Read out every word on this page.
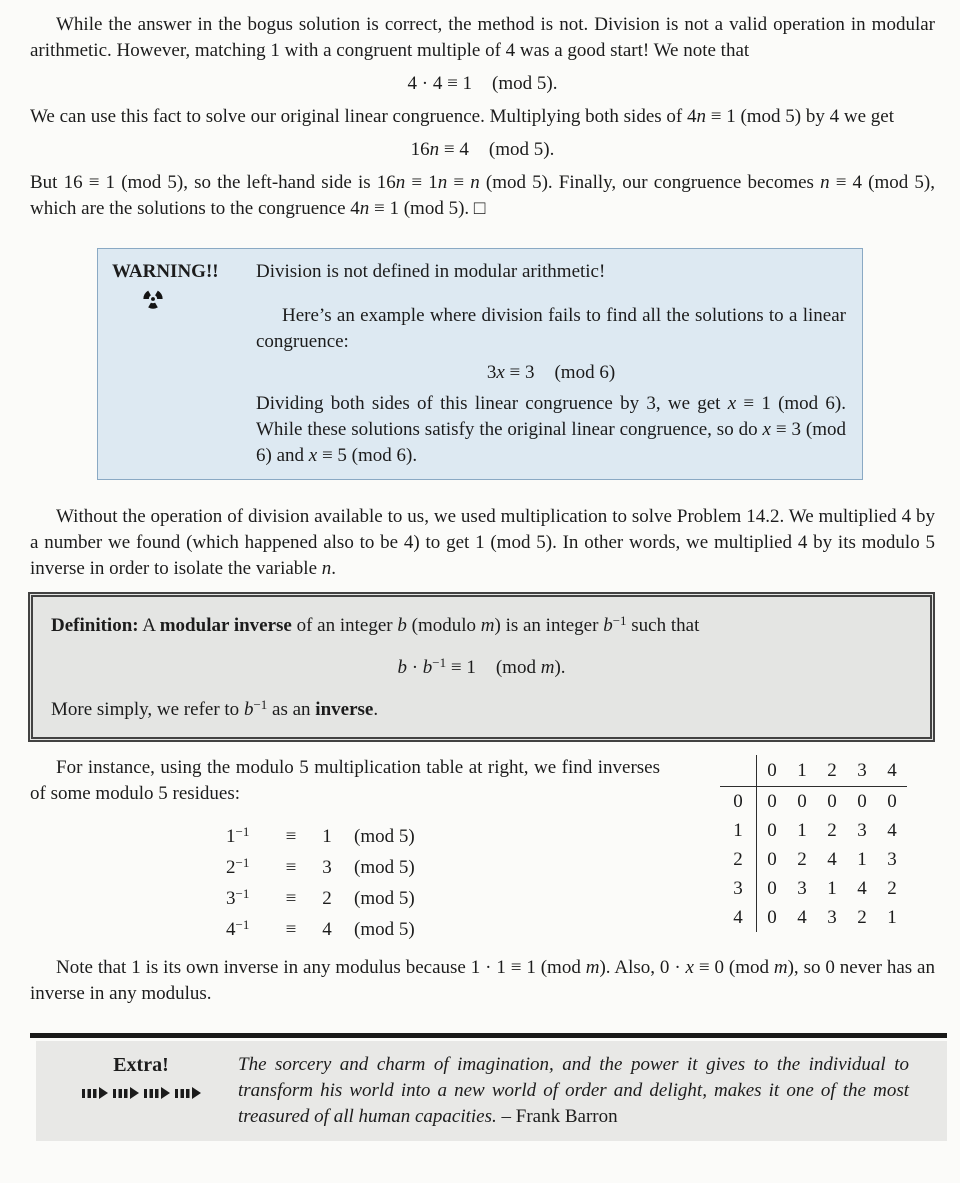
While the answer in the bogus solution is correct, the method is not. Division is not a valid operation in modular arithmetic. However, matching 1 with a congruent multiple of 4 was a good start! We note that

4 · 4 ≡ 1 (mod 5).

We can use this fact to solve our original linear congruence. Multiplying both sides of 4n ≡ 1 (mod 5) by 4 we get

16n ≡ 4 (mod 5).

But 16 ≡ 1 (mod 5), so the left-hand side is 16n ≡ 1n ≡ n (mod 5). Finally, our congruence becomes n ≡ 4 (mod 5), which are the solutions to the congruence 4n ≡ 1 (mod 5). □

WARNING!!	Division is not defined in modular arithmetic!

Here’s an example where division fails to find all the solutions to a linear congruence:

3x ≡ 3 (mod 6)

Dividing both sides of this linear congruence by 3, we get x ≡ 1 (mod 6). While these solutions satisfy the original linear congruence, so do x ≡ 3 (mod 6) and x ≡ 5 (mod 6).

Without the operation of division available to us, we used multiplication to solve Problem 14.2. We multiplied 4 by a number we found (which happened also to be 4) to get 1 (mod 5). In other words, we multiplied 4 by its modulo 5 inverse in order to isolate the variable n.

Definition: A modular inverse of an integer b (modulo m) is an integer $b^{-1}$ such that

$b \cdot b^{-1} \equiv 1$ (mod m).

More simply, we refer to $b^{-1}$ as an inverse.

For instance, using the modulo 5 multiplication table at right, we find inverses of some modulo 5 residues:

$1^{-1}$	≡ 1 (mod 5)
$2^{-1}$	≡ 3 (mod 5)
$3^{-1}$	≡ 2 (mod 5)
$4^{-1}$	≡ 4 (mod 5)
	0	1	2	3	4
0	0	0	0	0	0
1	0	1	2	3	4
2	0	2	4	1	3
3	0	3	1	4	2
4	0	4	3	2	1

Note that 1 is its own inverse in any modulus because 1 · 1 ≡ 1 (mod m). Also, 0 · x ≡ 0 (mod m), so 0 never has an inverse in any modulus.

Extra!	The sorcery and charm of imagination, and the power it gives to the individual to transform his world into a new world of order and delight, makes it one of the most treasured of all human capacities. – Frank Barron
